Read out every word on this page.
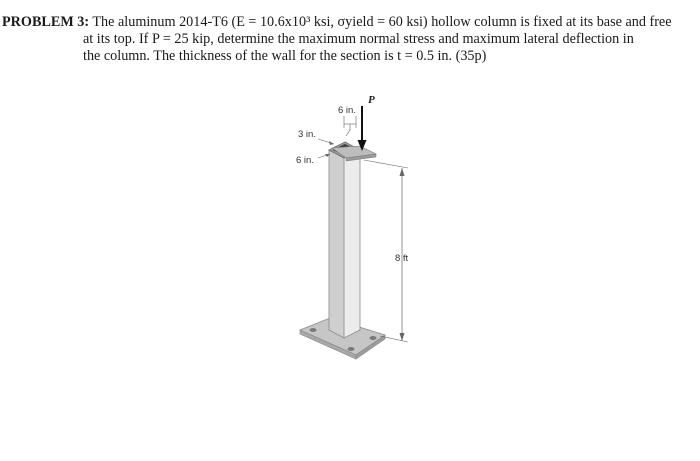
PROBLEM 3: The aluminum 2014-T6 (E = 10.6x10³ ksi, σyield = 60 ksi) hollow column is fixed at its base and free
at its top. If P = 25 kip, determine the maximum normal stress and maximum lateral deflection in
the column. The thickness of the wall for the section is t = 0.5 in. (35p)
P
6 in.
3 in.
6 in.
8 ft
